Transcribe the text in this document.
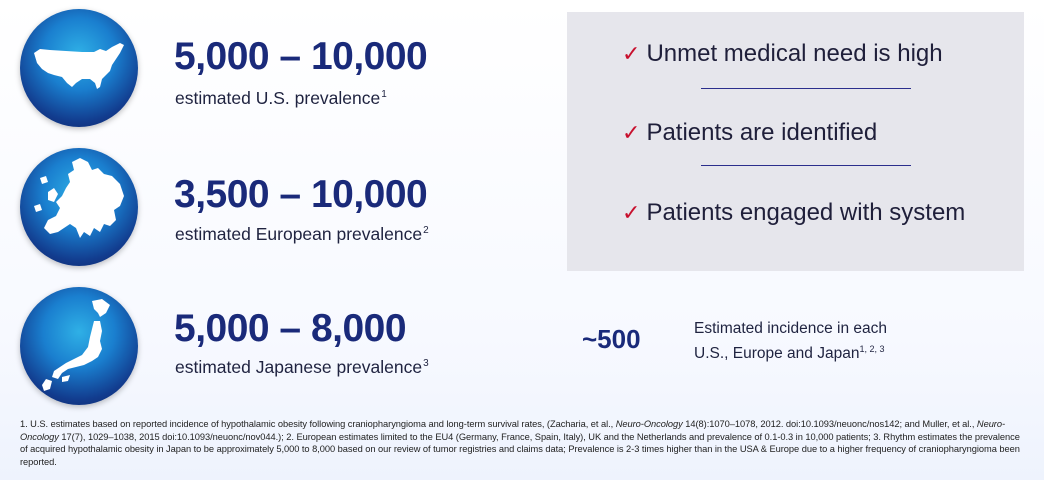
5,000 – 10,000
estimated U.S. prevalence$^1$
3,500 – 10,000
estimated European prevalence$^2$
5,000 – 8,000
estimated Japanese prevalence$^3$
✓ Unmet medical need is high
✓ Patients are identified
✓ Patients engaged with system
~500	Estimated incidence in each
U.S., Europe and Japan$^{1, 2, 3}$
1. U.S. estimates based on reported incidence of hypothalamic obesity following craniopharyngioma and long-term survival rates, (Zacharia, et al., Neuro-Oncology 14(8):1070–1078, 2012. doi:10.1093/neuonc/nos142; and Muller, et al., Neuro-Oncology 17(7), 1029–1038, 2015 doi:10.1093/neuonc/nov044.); 2. European estimates limited to the EU4 (Germany, France, Spain, Italy), UK and the Netherlands and prevalence of 0.1-0.3 in 10,000 patients; 3. Rhythm estimates the prevalence of acquired hypothalamic obesity in Japan to be approximately 5,000 to 8,000 based on our review of tumor registries and claims data; Prevalence is 2-3 times higher than in the USA & Europe due to a higher frequency of craniopharyngioma been reported.
